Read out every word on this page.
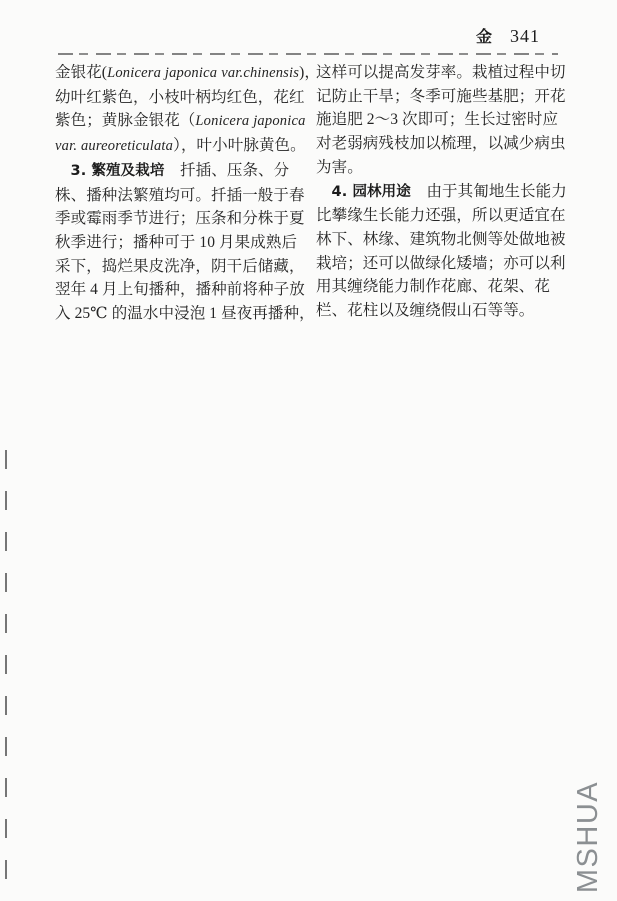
金 341
金银花(Lonicera japonica var.chinensis)，
幼叶红紫色，小枝叶柄均红色，花红
紫色；黄脉金银花（Lonicera japonica
var. aureoreticulata），叶小叶脉黄色。
3. 繁殖及栽培　扦插、压条、分
株、播种法繁殖均可。扦插一般于春
季或霉雨季节进行；压条和分株于夏
秋季进行；播种可于 10 月果成熟后
采下，捣烂果皮洗净，阴干后储藏，
翌年 4 月上旬播种，播种前将种子放
入 25℃ 的温水中浸泡 1 昼夜再播种，
这样可以提高发芽率。栽植过程中切
记防止干旱；冬季可施些基肥；开花
施追肥 2～3 次即可；生长过密时应
对老弱病残枝加以梳理，以减少病虫
为害。
4. 园林用途　由于其匍地生长能力
比攀缘生长能力还强，所以更适宜在
林下、林缘、建筑物北侧等处做地被
栽培；还可以做绿化矮墙；亦可以利
用其缠绕能力制作花廊、花架、花
栏、花柱以及缠绕假山石等等。
MSHUA
